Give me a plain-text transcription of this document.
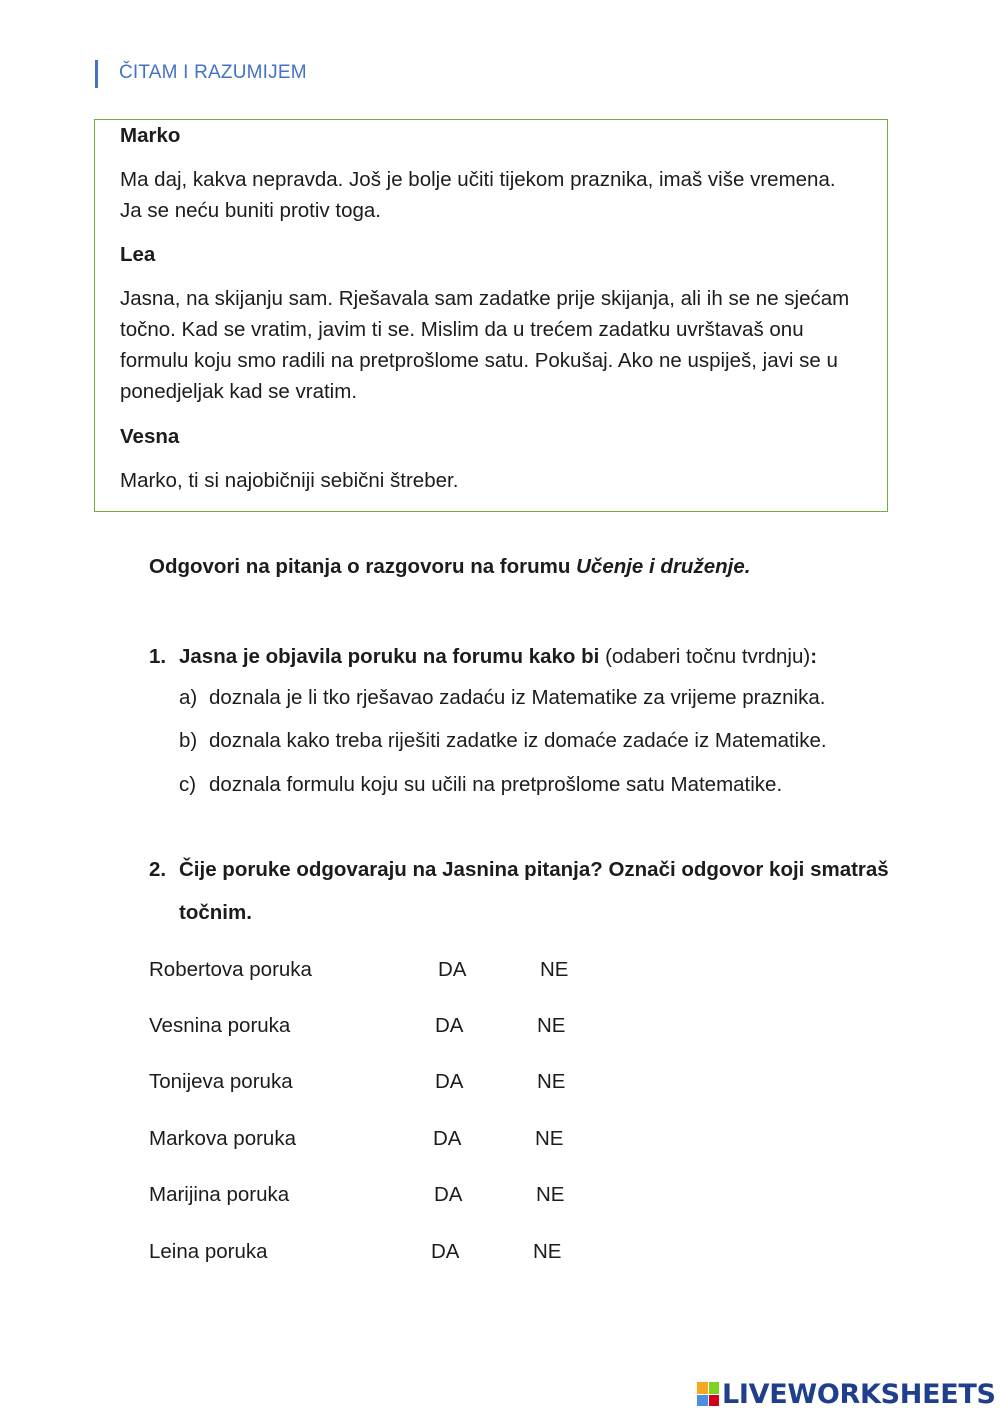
ČITAM I RAZUMIJEM
Marko
Ma daj, kakva nepravda. Još je bolje učiti tijekom praznika, imaš više vremena.
Ja se neću buniti protiv toga.
Lea
Jasna, na skijanju sam. Rješavala sam zadatke prije skijanja, ali ih se ne sjećam
točno. Kad se vratim, javim ti se. Mislim da u trećem zadatku uvrštavaš onu
formulu koju smo radili na pretprošlome satu. Pokušaj. Ako ne uspiješ, javi se u
ponedjeljak kad se vratim.
Vesna
Marko, ti si najobičniji sebični štreber.
Odgovori na pitanja o razgovoru na forumu Učenje i druženje.
1. Jasna je objavila poruku na forumu kako bi (odaberi točnu tvrdnju):
a) doznala je li tko rješavao zadaću iz Matematike za vrijeme praznika.
b) doznala kako treba riješiti zadatke iz domaće zadaće iz Matematike.
c) doznala formulu koju su učili na pretprošlome satu Matematike.
2. Čije poruke odgovaraju na Jasnina pitanja? Označi odgovor koji smatraš
točnim.
Robertova poruka	DA	NE
Vesnina poruka	DA	NE
Tonijeva poruka	DA	NE
Markova poruka	DA	NE
Marijina poruka	DA	NE
Leina poruka	DA	NE
LIVEWORKSHEETS
